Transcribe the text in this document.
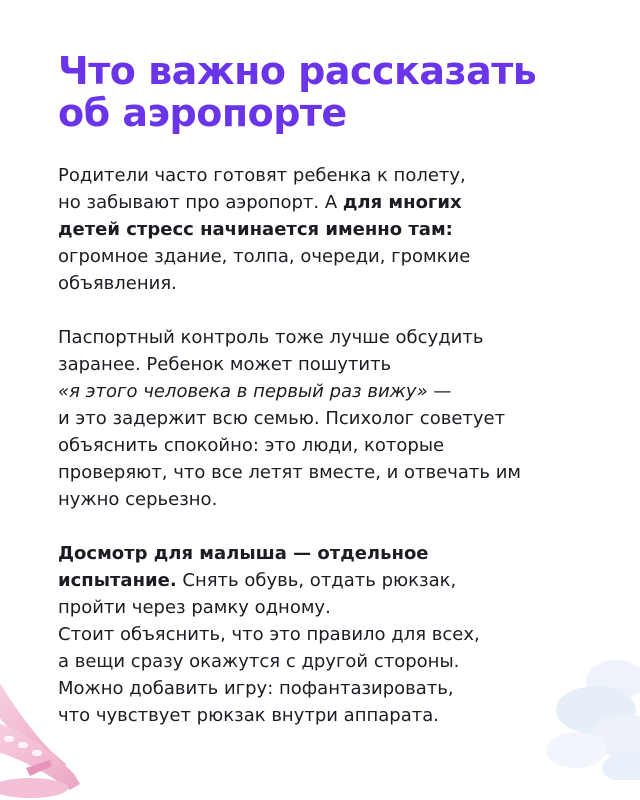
Что важно рассказать
об аэропорте

Родители часто готовят ребенка к полету,
но забывают про аэропорт. А для многих
детей стресс начинается именно там:
огромное здание, толпа, очереди, громкие
объявления.

Паспортный контроль тоже лучше обсудить
заранее. Ребенок может пошутить
«я этого человека в первый раз вижу» —
и это задержит всю семью. Психолог советует
объяснить спокойно: это люди, которые
проверяют, что все летят вместе, и отвечать им
нужно серьезно.

Досмотр для малыша — отдельное
испытание. Снять обувь, отдать рюкзак,
пройти через рамку одному.
Стоит объяснить, что это правило для всех,
а вещи сразу окажутся с другой стороны.
Можно добавить игру: пофантазировать,
что чувствует рюкзак внутри аппарата.
